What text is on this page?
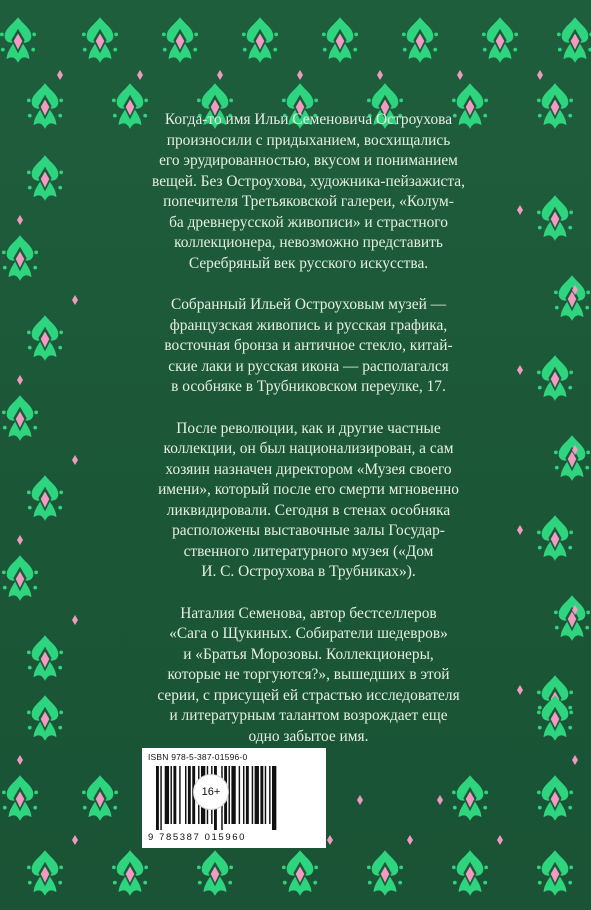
Когда-то имя Ильи Семеновича Остроухова
произносили с придыханием, восхищались
его эрудированностью, вкусом и пониманием
вещей. Без Остроухова, художника-пейзажиста,
попечителя Третьяковской галереи, «Колум-
ба древнерусской живописи» и страстного
коллекционера, невозможно представить
Серебряный век русского искусства.

Собранный Ильей Остроуховым музей —
французская живопись и русская графика,
восточная бронза и античное стекло, китай-
ские лаки и русская икона — располагался
в особняке в Трубниковском переулке, 17.

После революции, как и другие частные
коллекции, он был национализирован, а сам
хозяин назначен директором «Музея своего
имени», который после его смерти мгновенно
ликвидировали. Сегодня в стенах особняка
расположены выставочные залы Государ-
ственного литературного музея («Дом
И. С. Остроухова в Трубниках»).

Наталия Семенова, автор бестселлеров
«Сага о Щукиных. Собиратели шедевров»
и «Братья Морозовы. Коллекционеры,
которые не торгуются?», вышедших в этой
серии, с присущей ей страстью исследователя
и литературным талантом возрождает еще
одно забытое имя.

ISBN 978-5-387-01596-0
9 785387 015960
16+
